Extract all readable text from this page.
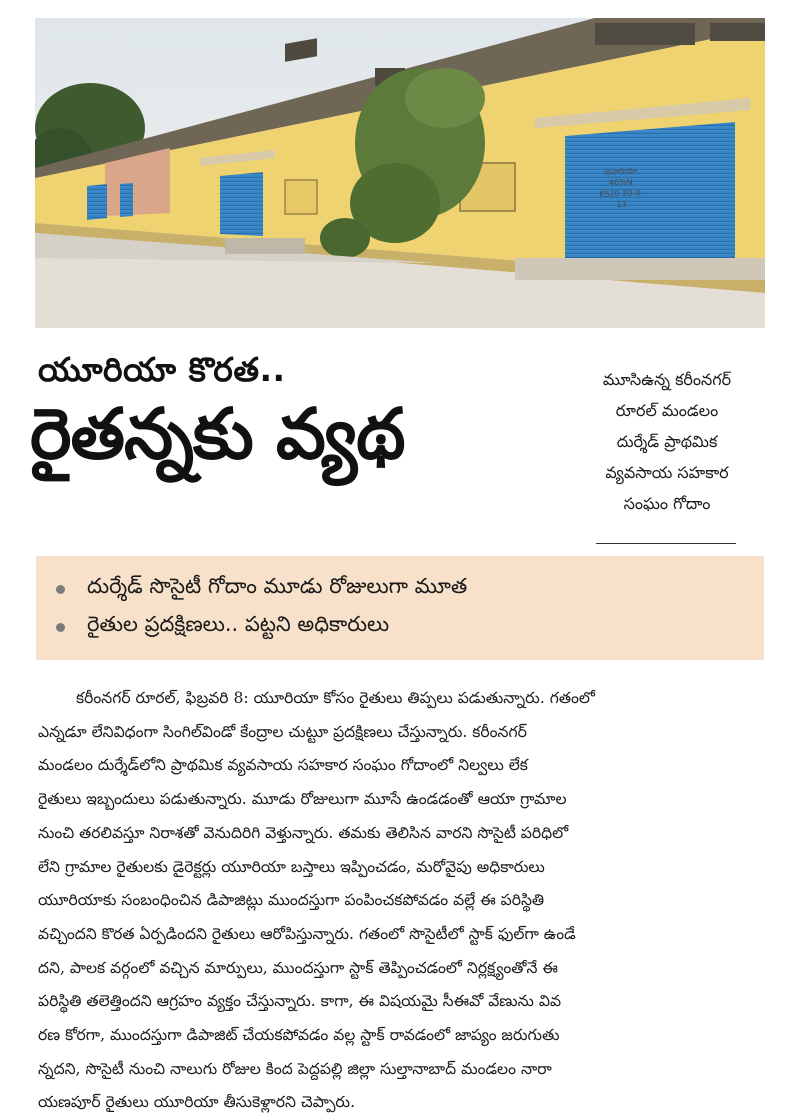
యూరియా 46%N
KS20 20-0-13
యూరియా కొరత..
రైతన్నకు వ్యథ
మూసిఉన్న కరీంనగర్
రూరల్ మండలం
దుర్శేడ్ ప్రాథమిక
వ్యవసాయ సహకార
సంఘం గోదాం
దుర్శేడ్ సొసైటీ గోదాం మూడు రోజులుగా మూత
రైతుల ప్రదక్షిణలు.. పట్టని అధికారులు
కరీంనగర్ రూరల్, ఫిబ్రవరి 8: యూరియా కోసం రైతులు తిప్పలు పడుతున్నారు. గతంలో
ఎన్నడూ లేనివిధంగా సింగిల్‌విండో కేంద్రాల చుట్టూ ప్రదక్షిణలు చేస్తున్నారు. కరీంనగర్
మండలం దుర్శేడ్‌లోని ప్రాథమిక వ్యవసాయ సహకార సంఘం గోదాంలో నిల్వలు లేక
రైతులు ఇబ్బందులు పడుతున్నారు. మూడు రోజులుగా మూసే ఉండడంతో ఆయా గ్రామాల
నుంచి తరలివస్తూ నిరాశతో వెనుదిరిగి వెళ్తున్నారు. తమకు తెలిసిన వారని సొసైటీ పరిధిలో
లేని గ్రామాల రైతులకు డైరెక్టర్లు యూరియా బస్తాలు ఇప్పించడం, మరోవైపు అధికారులు
యూరియాకు సంబంధించిన డిపాజిట్లు ముందస్తుగా పంపించకపోవడం వల్లే ఈ పరిస్థితి
వచ్చిందని కొరత ఏర్పడిందని రైతులు ఆరోపిస్తున్నారు. గతంలో సొసైటీలో స్టాక్ ఫుల్‌గా ఉండే
దని, పాలక వర్గంలో వచ్చిన మార్పులు, ముందస్తుగా స్టాక్ తెప్పించడంలో నిర్లక్ష్యంతోనే ఈ
పరిస్థితి తలెత్తిందని ఆగ్రహం వ్యక్తం చేస్తున్నారు. కాగా, ఈ విషయమై సీఈవో వేణును వివ
రణ కోరగా, ముందస్తుగా డిపాజిట్ చేయకపోవడం వల్ల స్టాక్ రావడంలో జాప్యం జరుగుతు
న్నదని, సొసైటీ నుంచి నాలుగు రోజుల కింద పెద్దపల్లి జిల్లా సుల్తానాబాద్ మండలం నారా
యణపూర్ రైతులు యూరియా తీసుకెళ్లారని చెప్పారు.
